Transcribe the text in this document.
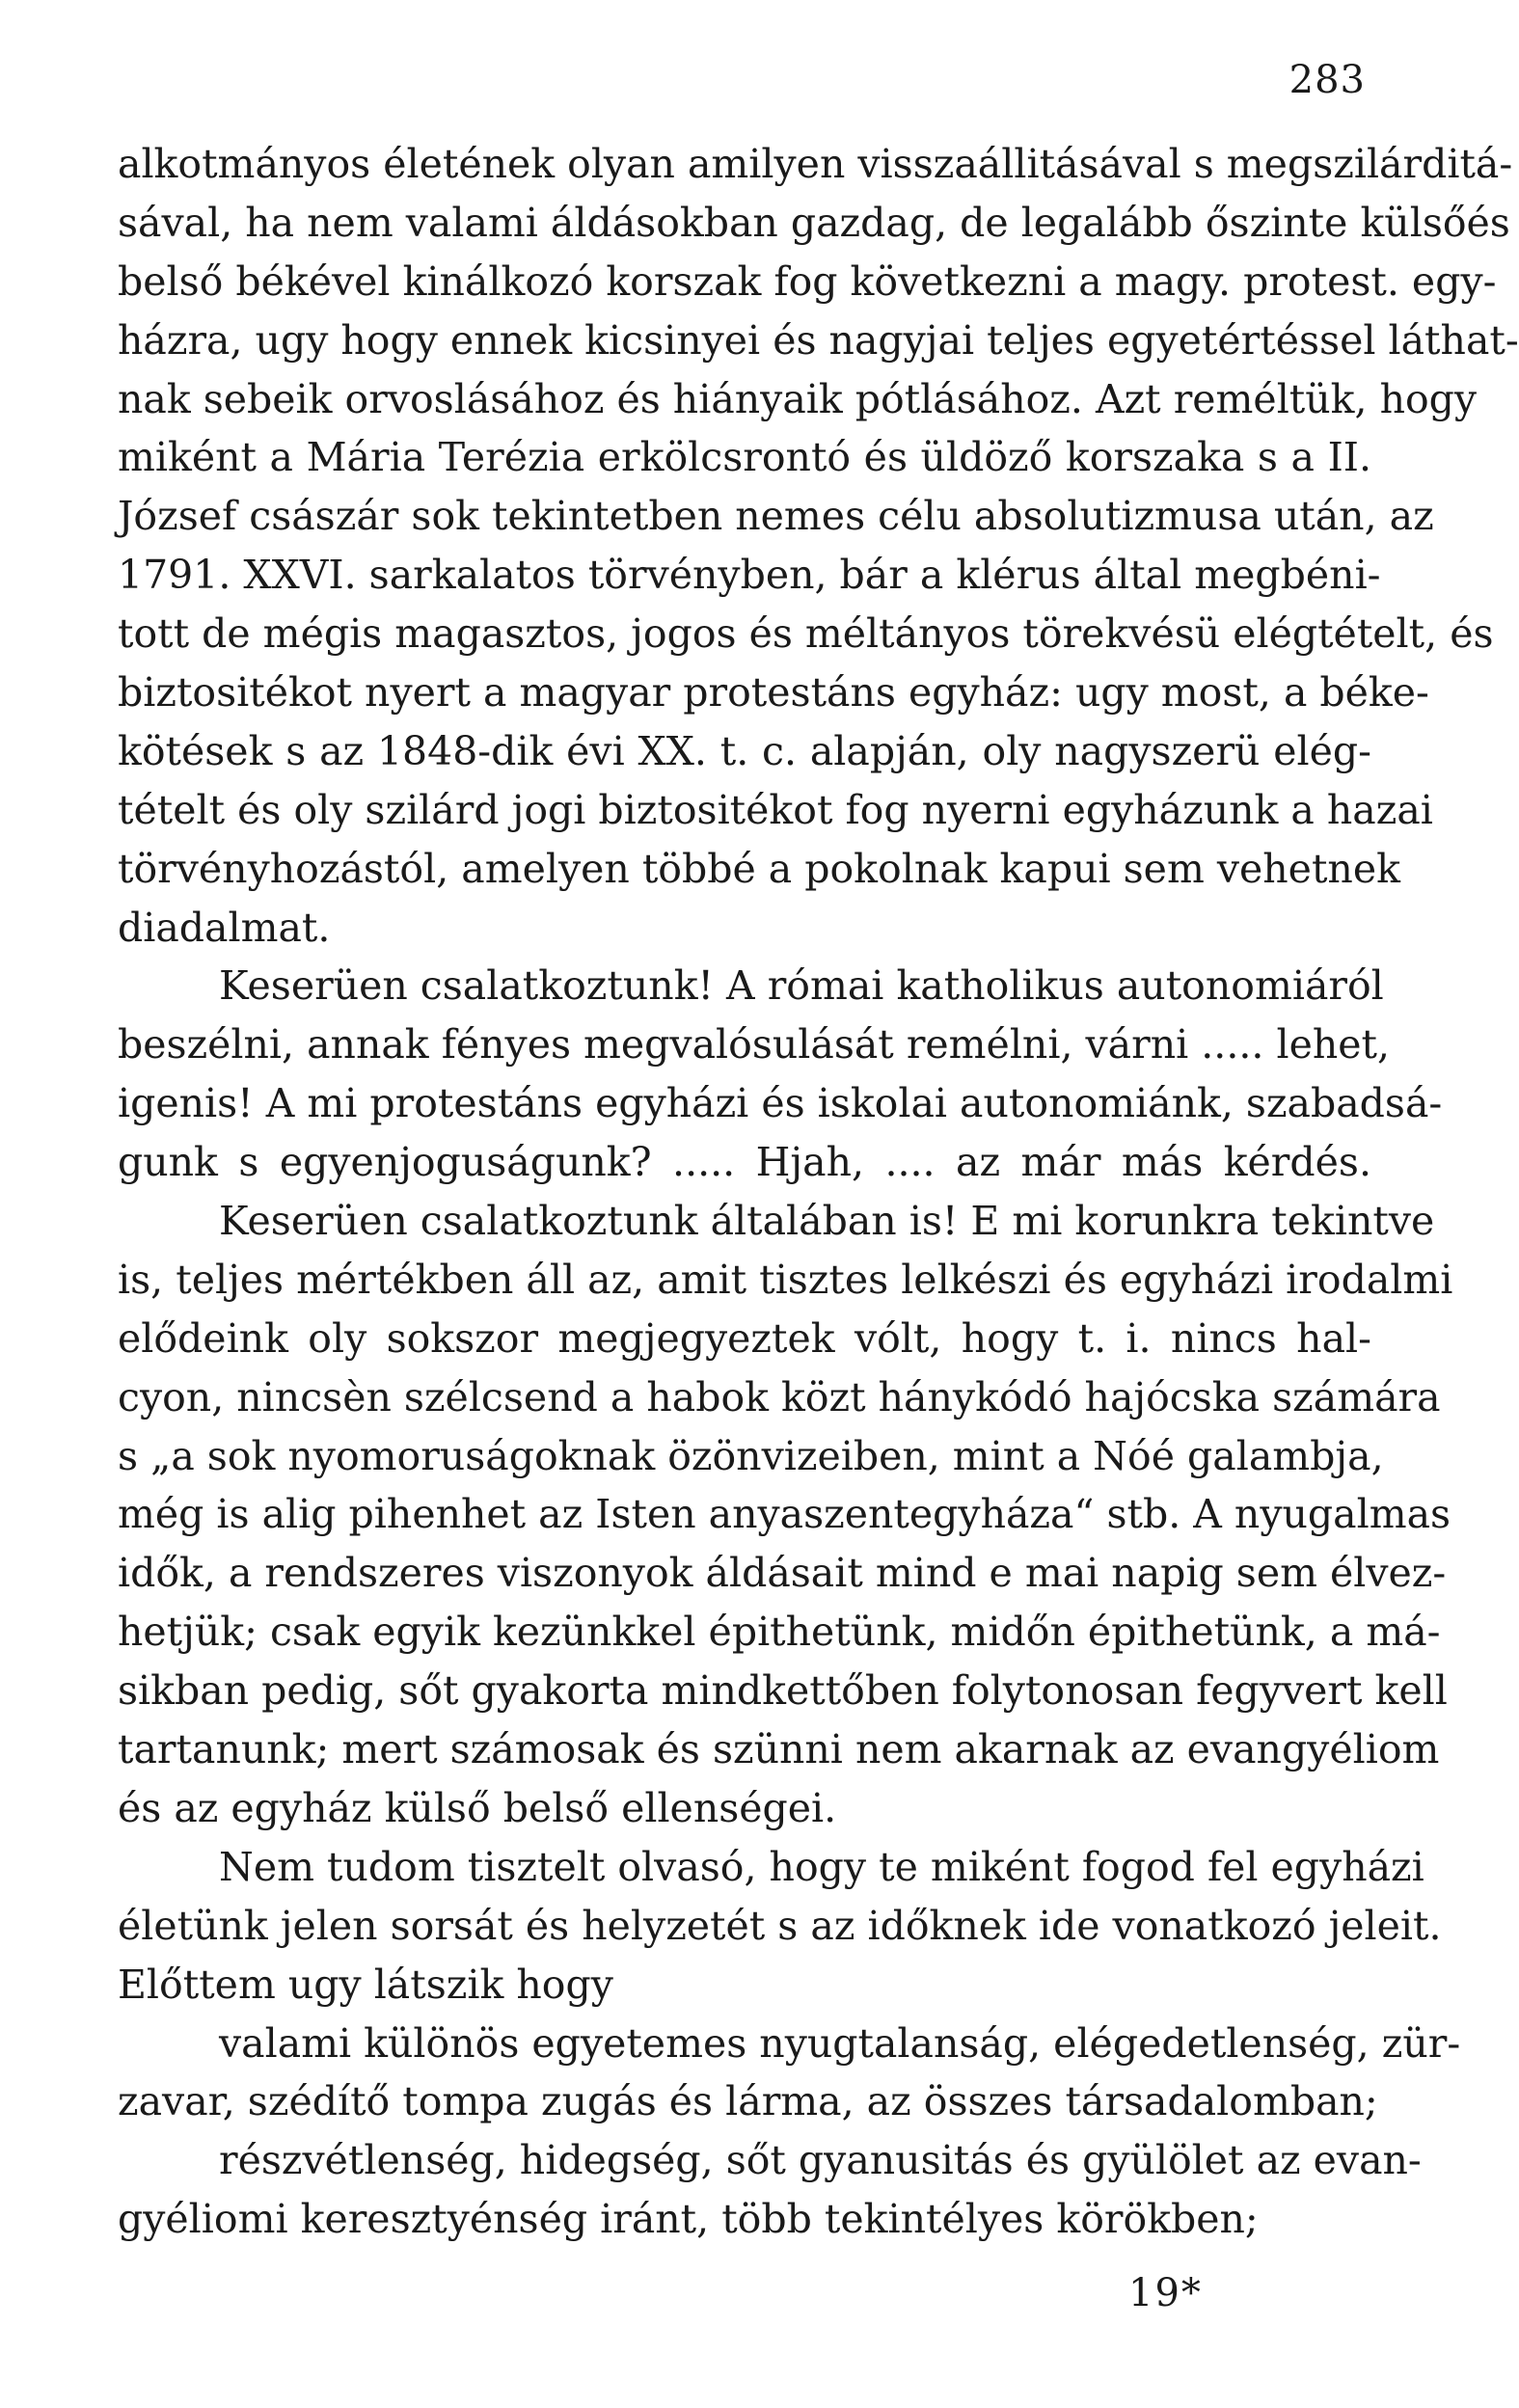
283
alkotmányos életének olyan amilyen visszaállitásával s megszilárditá-
sával, ha nem valami áldásokban gazdag, de legalább őszinte külsőés
belső békével kinálkozó korszak fog következni a magy. protest. egy-
házra, ugy hogy ennek kicsinyei és nagyjai teljes egyetértéssel láthat-
nak sebeik orvoslásához és hiányaik pótlásához. Azt reméltük, hogy
miként a Mária Terézia erkölcsrontó és üldöző korszaka s a II.
József császár sok tekintetben nemes célu absolutizmusa után, az
1791. XXVI. sarkalatos törvényben, bár a klérus által megbéni-
tott de mégis magasztos, jogos és méltányos törekvésü elégtételt, és
biztositékot nyert a magyar protestáns egyház: ugy most, a béke-
kötések s az 1848-dik évi XX. t. c. alapján, oly nagyszerü elég-
tételt és oly szilárd jogi biztositékot fog nyerni egyházunk a hazai
törvényhozástól, amelyen többé a pokolnak kapui sem vehetnek
diadalmat.
Keserüen csalatkoztunk! A római katholikus autonomiáról
beszélni, annak fényes megvalósulását remélni, várni ..... lehet,
igenis! A mi protestáns egyházi és iskolai autonomiánk, szabadsá-
gunk s egyenjoguságunk? ..... Hjah, .... az már más kérdés.
Keserüen csalatkoztunk általában is! E mi korunkra tekintve
is, teljes mértékben áll az, amit tisztes lelkészi és egyházi irodalmi
elődeink oly sokszor megjegyeztek vólt, hogy t. i. nincs hal-
cyon, nincsèn szélcsend a habok közt hánykódó hajócska számára
s „a sok nyomoruságoknak özönvizeiben, mint a Nóé galambja,
még is alig pihenhet az Isten anyaszentegyháza“ stb. A nyugalmas
idők, a rendszeres viszonyok áldásait mind e mai napig sem élvez-
hetjük; csak egyik kezünkkel épithetünk, midőn épithetünk, a má-
sikban pedig, sőt gyakorta mindkettőben folytonosan fegyvert kell
tartanunk; mert számosak és szünni nem akarnak az evangyéliom
és az egyház külső belső ellenségei.
Nem tudom tisztelt olvasó, hogy te miként fogod fel egyházi
életünk jelen sorsát és helyzetét s az időknek ide vonatkozó jeleit.
Előttem ugy látszik hogy
valami különös egyetemes nyugtalanság, elégedetlenség, zür-
zavar, szédítő tompa zugás és lárma, az összes társadalomban;
részvétlenség, hidegség, sőt gyanusitás és gyülölet az evan-
gyéliomi keresztyénség iránt, több tekintélyes körökben;
19*
